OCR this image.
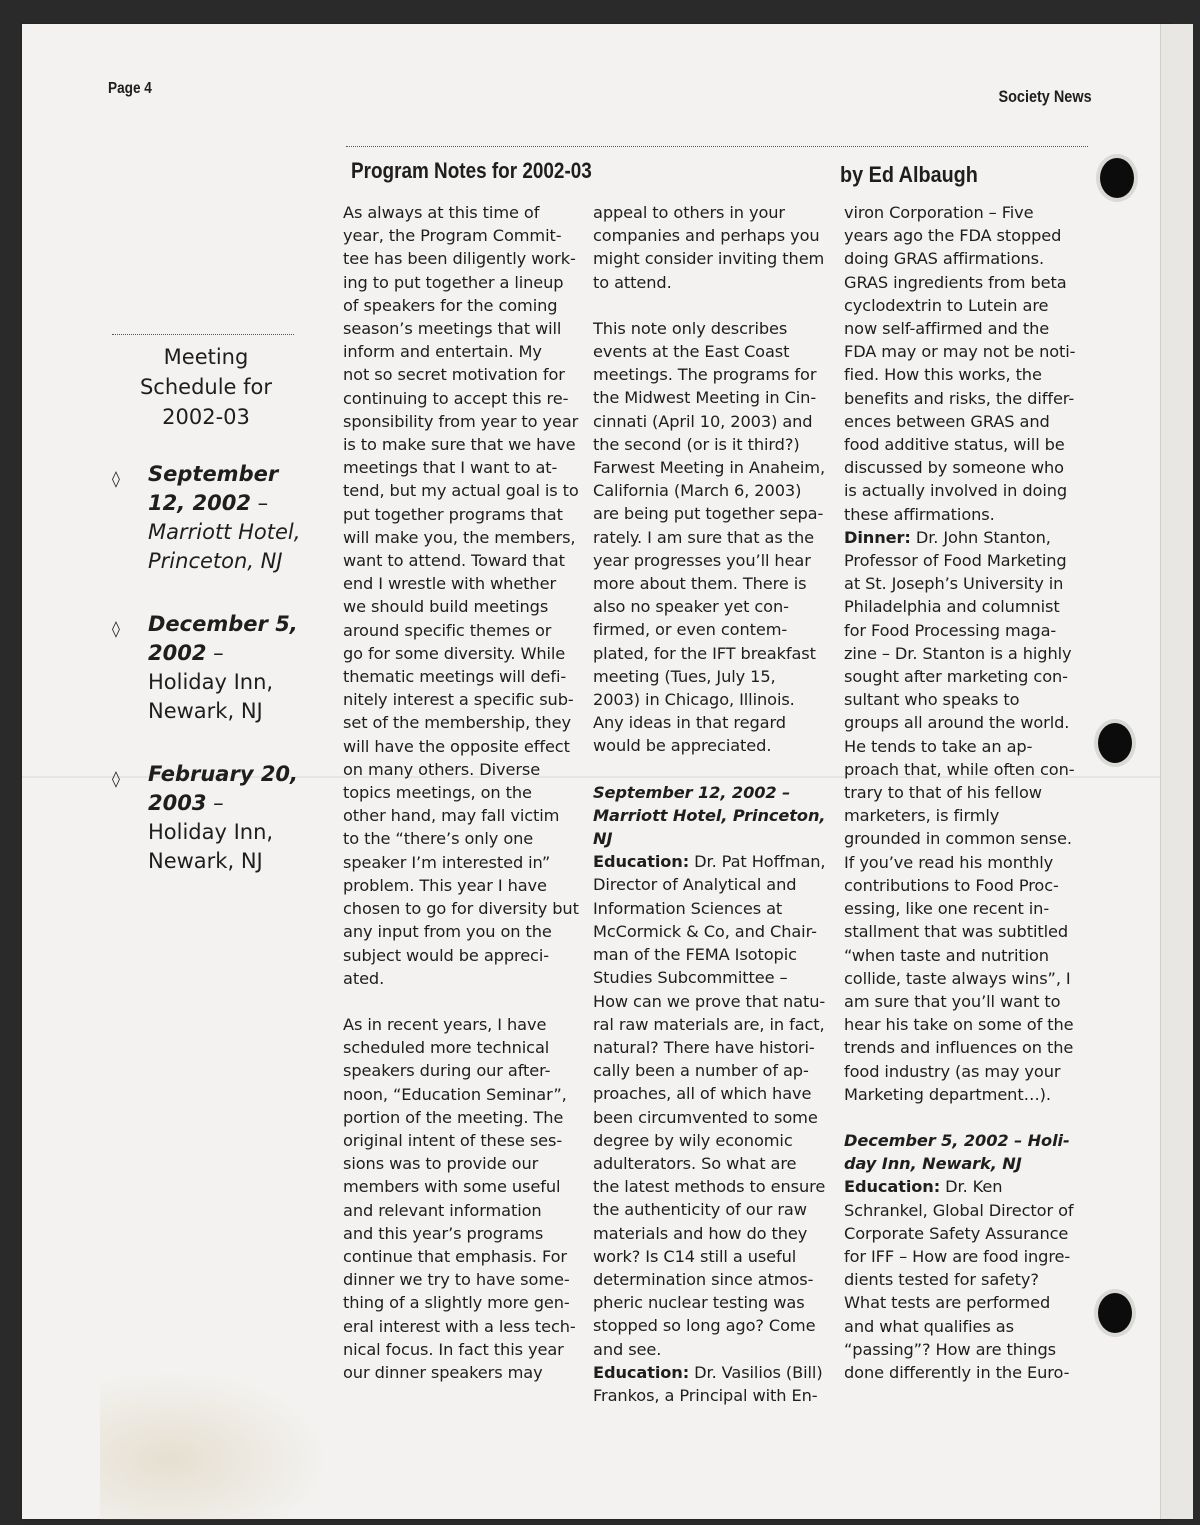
Page 4	Society News
Program Notes for 2002-03	by Ed Albaugh
Meeting
Schedule for
2002-03
◊ September 12, 2002 – Marriott Hotel, Princeton, NJ
◊ December 5, 2002 – Holiday Inn, Newark, NJ
◊ February 20, 2003 – Holiday Inn, Newark, NJ

As always at this time of
year, the Program Commit-
tee has been diligently work-
ing to put together a lineup
of speakers for the coming
season’s meetings that will
inform and entertain. My
not so secret motivation for
continuing to accept this re-
sponsibility from year to year
is to make sure that we have
meetings that I want to at-
tend, but my actual goal is to
put together programs that
will make you, the members,
want to attend. Toward that
end I wrestle with whether
we should build meetings
around specific themes or
go for some diversity. While
thematic meetings will defi-
nitely interest a specific sub-
set of the membership, they
will have the opposite effect
on many others. Diverse
topics meetings, on the
other hand, may fall victim
to the “there’s only one
speaker I’m interested in”
problem. This year I have
chosen to go for diversity but
any input from you on the
subject would be appreci-
ated.

As in recent years, I have
scheduled more technical
speakers during our after-
noon, “Education Seminar”,
portion of the meeting. The
original intent of these ses-
sions was to provide our
members with some useful
and relevant information
and this year’s programs
continue that emphasis. For
dinner we try to have some-
thing of a slightly more gen-
eral interest with a less tech-
nical focus. In fact this year
our dinner speakers may

appeal to others in your
companies and perhaps you
might consider inviting them
to attend.

This note only describes
events at the East Coast
meetings. The programs for
the Midwest Meeting in Cin-
cinnati (April 10, 2003) and
the second (or is it third?)
Farwest Meeting in Anaheim,
California (March 6, 2003)
are being put together sepa-
rately. I am sure that as the
year progresses you’ll hear
more about them. There is
also no speaker yet con-
firmed, or even contem-
plated, for the IFT breakfast
meeting (Tues, July 15,
2003) in Chicago, Illinois.
Any ideas in that regard
would be appreciated.

September 12, 2002 –
Marriott Hotel, Princeton, NJ

Education: Dr. Pat Hoffman,
Director of Analytical and
Information Sciences at
McCormick & Co, and Chair-
man of the FEMA Isotopic
Studies Subcommittee –
How can we prove that natu-
ral raw materials are, in fact,
natural? There have histori-
cally been a number of ap-
proaches, all of which have
been circumvented to some
degree by wily economic
adulterators. So what are
the latest methods to ensure
the authenticity of our raw
materials and how do they
work? Is C14 still a useful
determination since atmos-
pheric nuclear testing was
stopped so long ago? Come
and see.

Education: Dr. Vasilios (Bill)
Frankos, a Principal with En-

viron Corporation – Five
years ago the FDA stopped
doing GRAS affirmations.
GRAS ingredients from beta
cyclodextrin to Lutein are
now self-affirmed and the
FDA may or may not be noti-
fied. How this works, the
benefits and risks, the differ-
ences between GRAS and
food additive status, will be
discussed by someone who
is actually involved in doing
these affirmations.

Dinner: Dr. John Stanton,
Professor of Food Marketing
at St. Joseph’s University in
Philadelphia and columnist
for Food Processing maga-
zine – Dr. Stanton is a highly
sought after marketing con-
sultant who speaks to
groups all around the world.
He tends to take an ap-
proach that, while often con-
trary to that of his fellow
marketers, is firmly
grounded in common sense.
If you’ve read his monthly
contributions to Food Proc-
essing, like one recent in-
stallment that was subtitled
“when taste and nutrition
collide, taste always wins”, I
am sure that you’ll want to
hear his take on some of the
trends and influences on the
food industry (as may your
Marketing department…).

December 5, 2002 – Holi-
day Inn, Newark, NJ

Education: Dr. Ken
Schrankel, Global Director of
Corporate Safety Assurance
for IFF – How are food ingre-
dients tested for safety?
What tests are performed
and what qualifies as
“passing”? How are things
done differently in the Euro-
